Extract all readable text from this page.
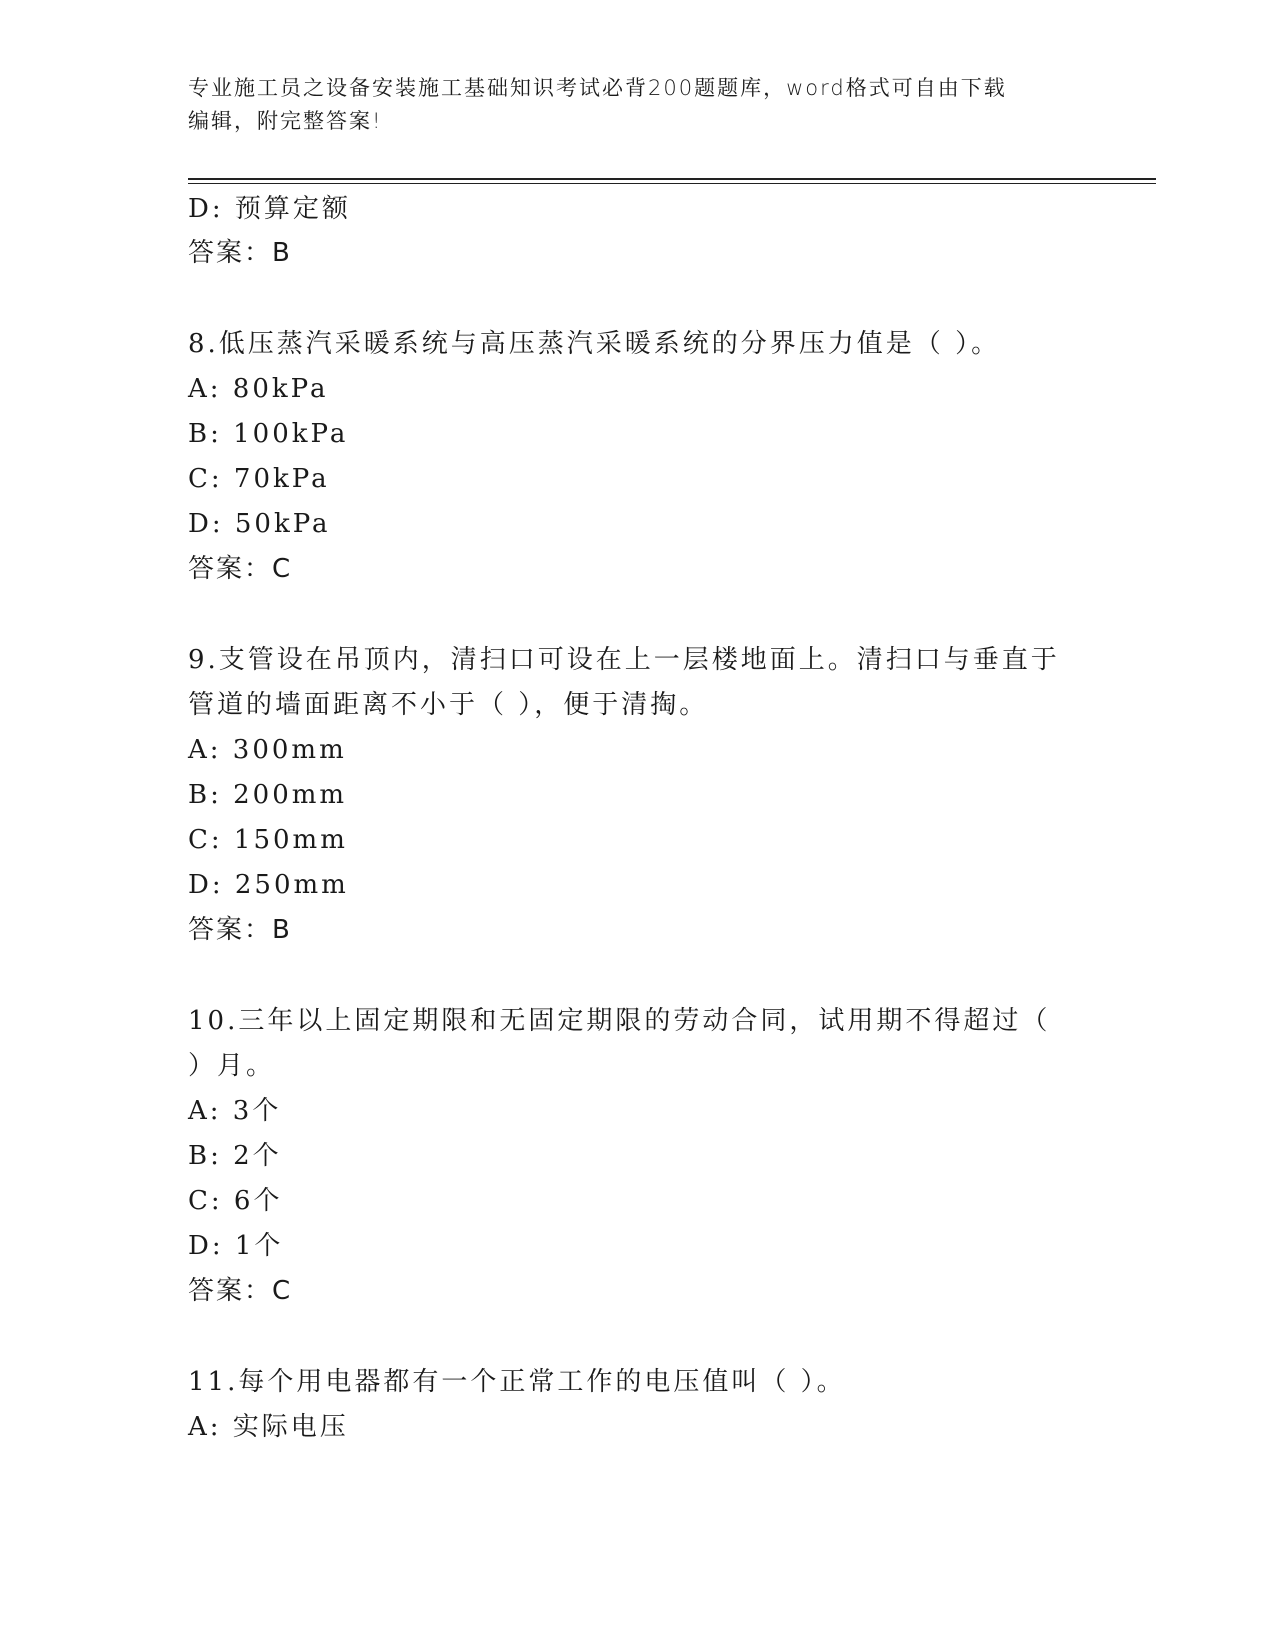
专业施工员之设备安装施工基础知识考试必背200题题库，word格式可自由下载
编辑，附完整答案!
D: 预算定额
答案：B
8.低压蒸汽采暖系统与高压蒸汽采暖系统的分界压力值是（ ）。
A: 80kPa
B: 100kPa
C: 70kPa
D: 50kPa
答案：C
9.支管设在吊顶内，清扫口可设在上一层楼地面上。清扫口与垂直于
管道的墙面距离不小于（ ），便于清掏。
A: 300mm
B: 200mm
C: 150mm
D: 250mm
答案：B
10.三年以上固定期限和无固定期限的劳动合同，试用期不得超过（
）月。
A: 3个
B: 2个
C: 6个
D: 1个
答案：C
11.每个用电器都有一个正常工作的电压值叫（ ）。
A: 实际电压
